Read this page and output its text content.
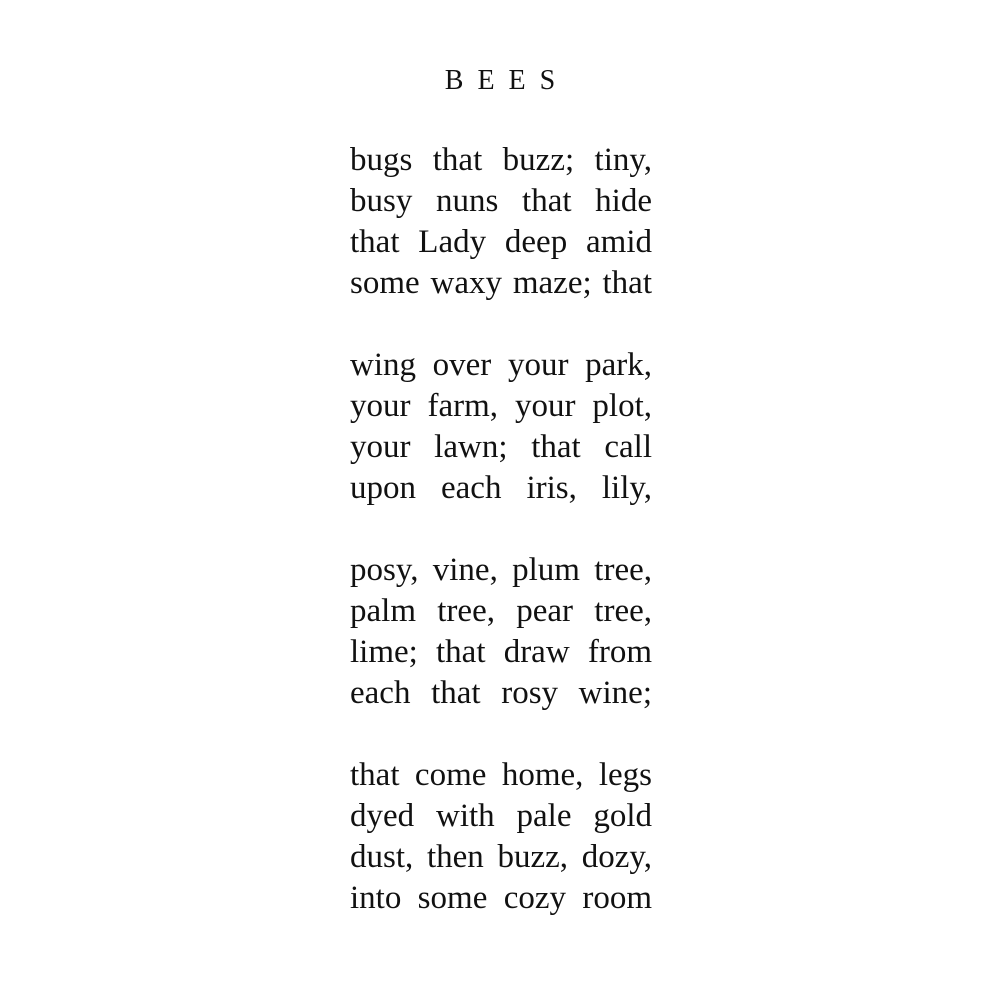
BEES
bugs that buzz; tiny,
busy nuns that hide
that Lady deep amid
some waxy maze; that
wing over your park,
your farm, your plot,
your lawn; that call
upon each iris, lily,
posy, vine, plum tree,
palm tree, pear tree,
lime; that draw from
each that rosy wine;
that come home, legs
dyed with pale gold
dust, then buzz, dozy,
into some cozy room
